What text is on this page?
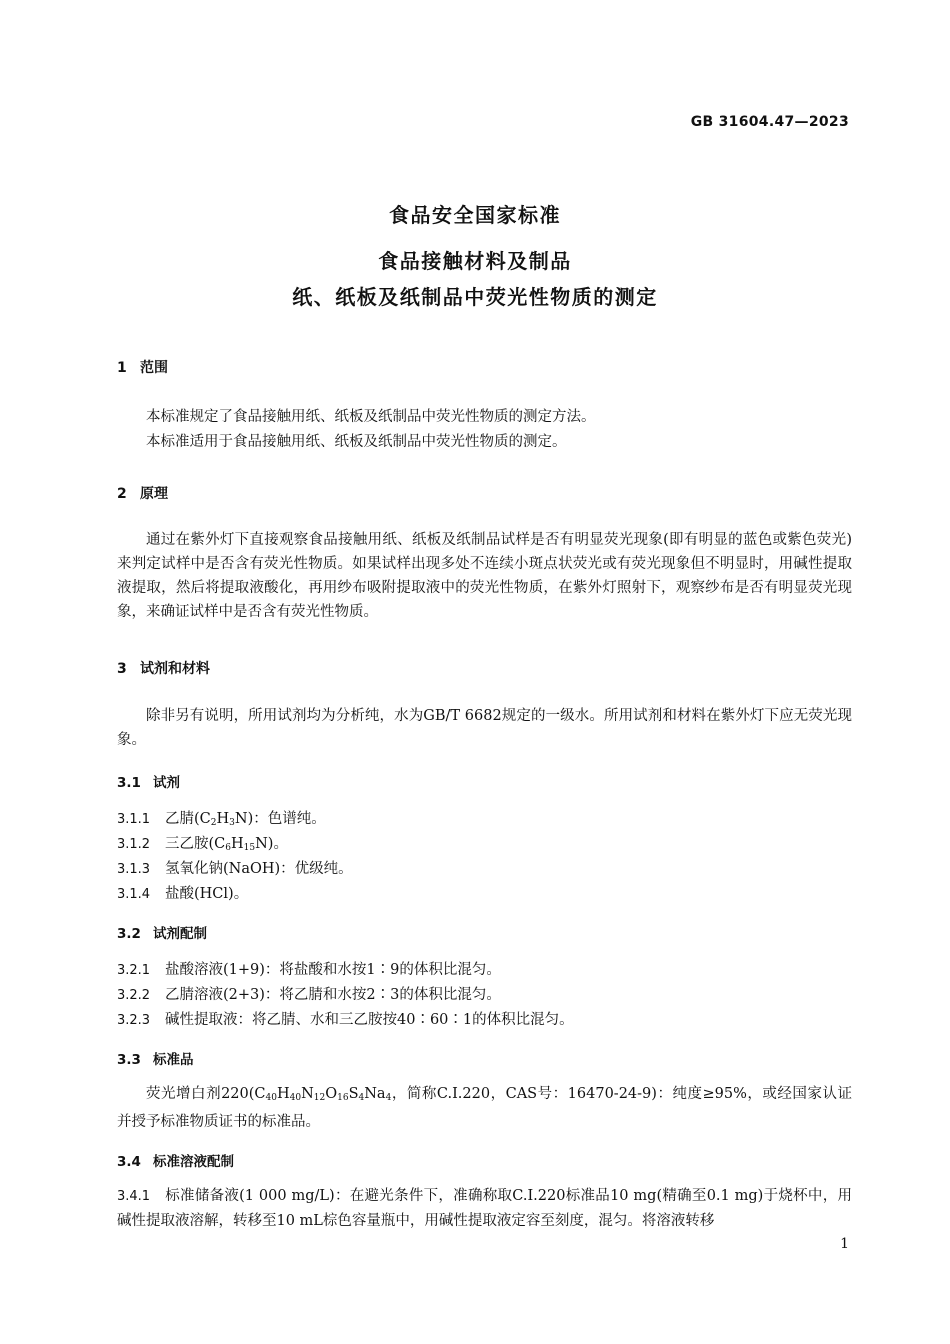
GB 31604.47—2023
食品安全国家标准
食品接触材料及制品
纸、纸板及纸制品中荧光性物质的测定
1 范围
本标准规定了食品接触用纸、纸板及纸制品中荧光性物质的测定方法。
本标准适用于食品接触用纸、纸板及纸制品中荧光性物质的测定。
2 原理
通过在紫外灯下直接观察食品接触用纸、纸板及纸制品试样是否有明显荧光现象(即有明显的蓝色或紫色荧光)来判定试样中是否含有荧光性物质。如果试样出现多处不连续小斑点状荧光或有荧光现象但不明显时，用碱性提取液提取，然后将提取液酸化，再用纱布吸附提取液中的荧光性物质，在紫外灯照射下，观察纱布是否有明显荧光现象，来确证试样中是否含有荧光性物质。
3 试剂和材料
除非另有说明，所用试剂均为分析纯，水为GB/T 6682规定的一级水。所用试剂和材料在紫外灯下应无荧光现象。
3.1 试剂
3.1.1 乙腈$(C_2H_3N)$：色谱纯。
3.1.2 三乙胺$(C_6H_{15}N)$。
3.1.3 氢氧化钠(NaOH)：优级纯。
3.1.4 盐酸(HCl)。
3.2 试剂配制
3.2.1 盐酸溶液(1+9)：将盐酸和水按1∶9的体积比混匀。
3.2.2 乙腈溶液(2+3)：将乙腈和水按2∶3的体积比混匀。
3.2.3 碱性提取液：将乙腈、水和三乙胺按40∶60∶1的体积比混匀。
3.3 标准品
荧光增白剂$220(C_{40}H_{40}N_{12}O_{16}S_4Na_4$，简称C.I.220，CAS号：16470-24-9)：纯度≥95%，或经国家认证并授予标准物质证书的标准品。
3.4 标准溶液配制
3.4.1 标准储备液(1 000 mg/L)：在避光条件下，准确称取C.I.220标准品10 mg(精确至0.1 mg)于烧杯中，用碱性提取液溶解，转移至10 mL棕色容量瓶中，用碱性提取液定容至刻度，混匀。将溶液转移
1
